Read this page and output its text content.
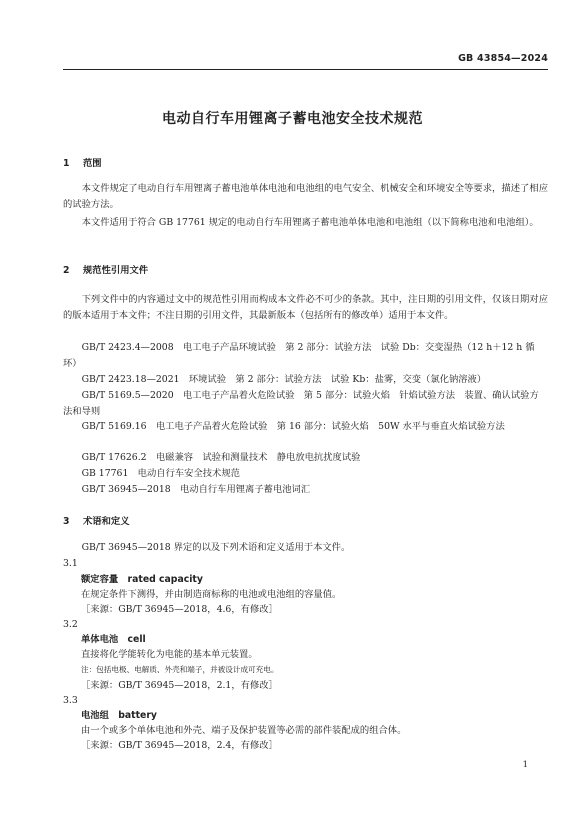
GB 43854—2024
电动自行车用锂离子蓄电池安全技术规范
1 范围
本文件规定了电动自行车用锂离子蓄电池单体电池和电池组的电气安全、机械安全和环境安全等要求，描述了相应的试验方法。
本文件适用于符合 GB 17761 规定的电动自行车用锂离子蓄电池单体电池和电池组（以下简称电池和电池组）。
2 规范性引用文件
下列文件中的内容通过文中的规范性引用而构成本文件必不可少的条款。其中，注日期的引用文件，仅该日期对应的版本适用于本文件；不注日期的引用文件，其最新版本（包括所有的修改单）适用于本文件。
GB/T 2423.4—2008　电工电子产品环境试验　第 2 部分：试验方法　试验 Db：交变湿热（12 h＋12 h 循环）
GB/T 2423.18—2021　环境试验　第 2 部分：试验方法　试验 Kb：盐雾，交变（氯化钠溶液）
GB/T 5169.5—2020　电工电子产品着火危险试验　第 5 部分：试验火焰　针焰试验方法　装置、确认试验方法和导则
GB/T 5169.16　电工电子产品着火危险试验　第 16 部分：试验火焰　50W 水平与垂直火焰试验方法
GB/T 17626.2　电磁兼容　试验和测量技术　静电放电抗扰度试验
GB 17761　电动自行车安全技术规范
GB/T 36945—2018　电动自行车用锂离子蓄电池词汇
3 术语和定义
GB/T 36945—2018 界定的以及下列术语和定义适用于本文件。
3.1
额定容量　 rated capacity
在规定条件下测得，并由制造商标称的电池或电池组的容量值。
［来源：GB/T 36945—2018，4.6，有修改］
3.2
单体电池　 cell
直接将化学能转化为电能的基本单元装置。
注：包括电极、电解质、外壳和端子，并被设计成可充电。
［来源：GB/T 36945—2018，2.1，有修改］
3.3
电池组　 battery
由一个或多个单体电池和外壳、端子及保护装置等必需的部件装配成的组合体。
［来源：GB/T 36945—2018，2.4，有修改］
1
